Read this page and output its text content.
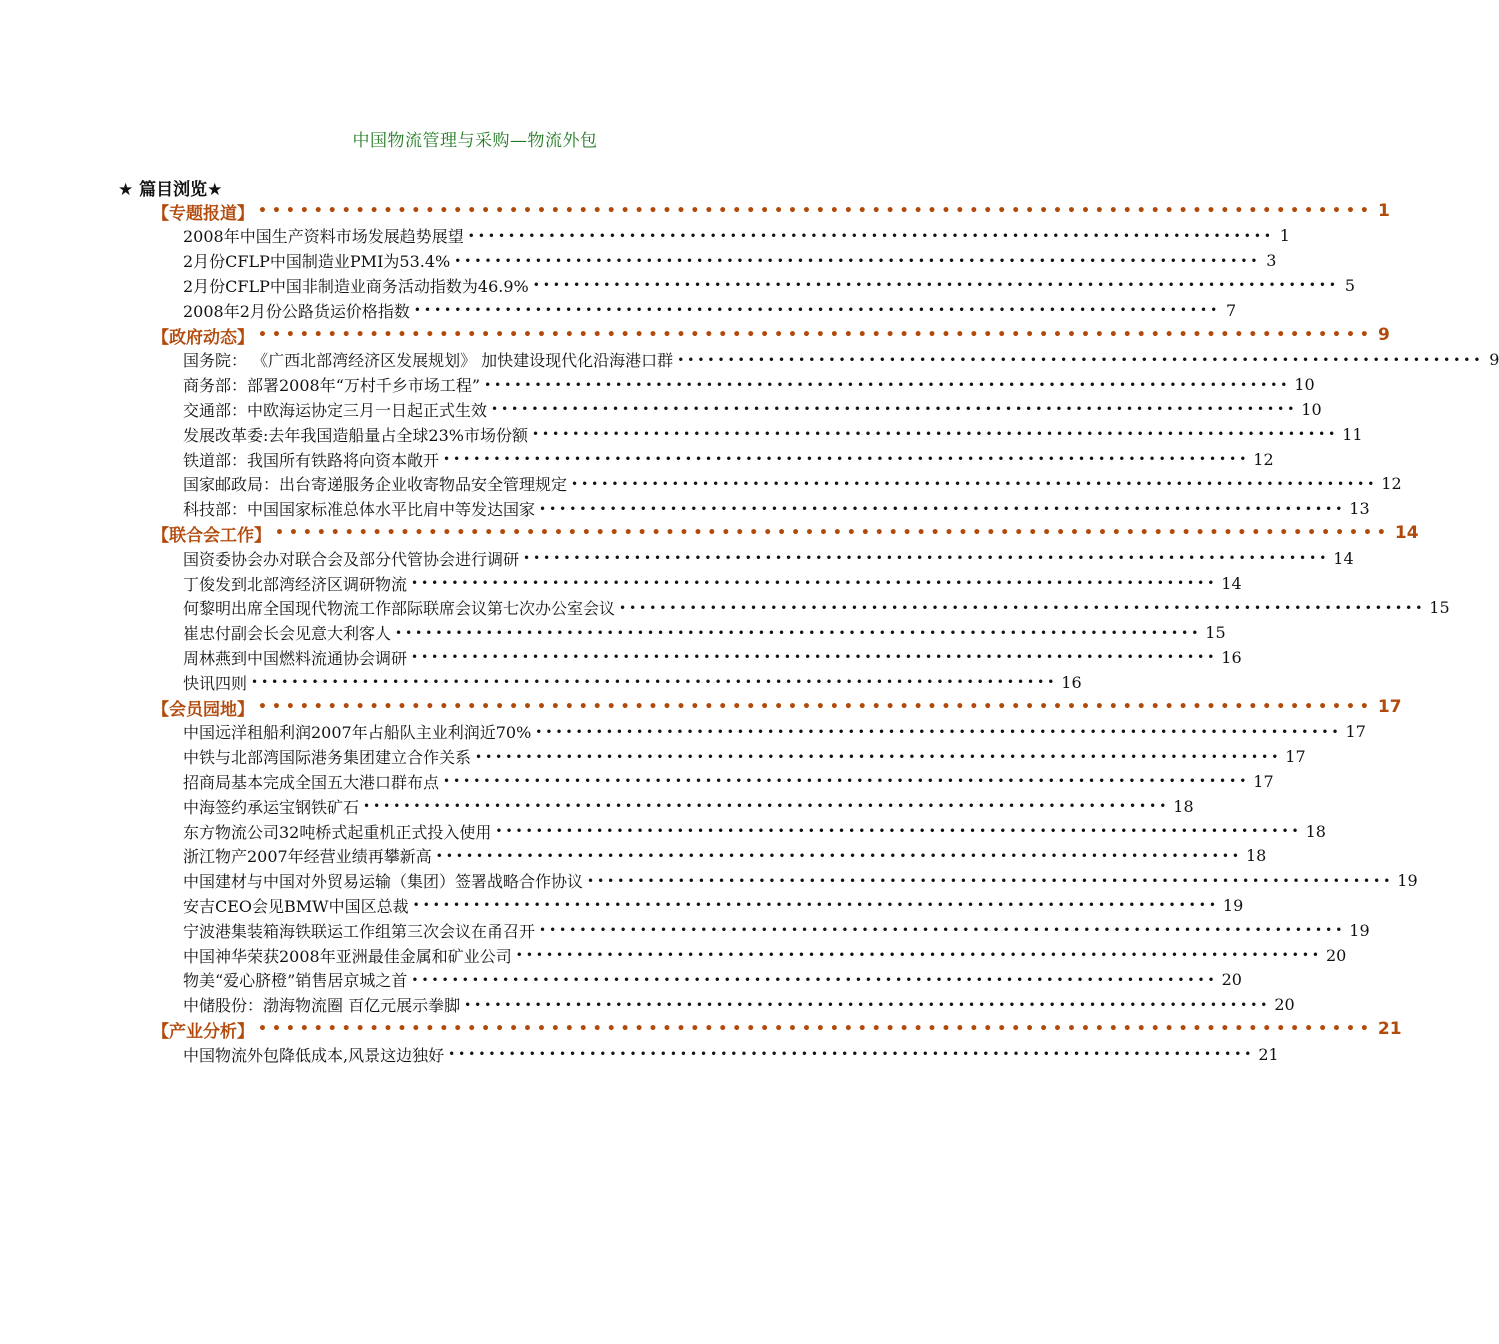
中国物流管理与采购—物流外包
★ 篇目浏览★
【专题报道】 •••••••••••••••••••••••••••••••••••••••••••••••••••••••••••••••••••••••••••••••• 1
2008年中国生产资料市场发展趋势展望 •••••••••••••••••••••••••••••••••••••••••••••••••••••••••••••••••••••••••••••••• 1
2月份CFLP中国制造业PMI为53.4% •••••••••••••••••••••••••••••••••••••••••••••••••••••••••••••••••••••••••••••••• 3
2月份CFLP中国非制造业商务活动指数为46.9% •••••••••••••••••••••••••••••••••••••••••••••••••••••••••••••••••••••••••••••••• 5
2008年2月份公路货运价格指数 •••••••••••••••••••••••••••••••••••••••••••••••••••••••••••••••••••••••••••••••• 7
【政府动态】 •••••••••••••••••••••••••••••••••••••••••••••••••••••••••••••••••••••••••••••••• 9
国务院： 《广西北部湾经济区发展规划》 加快建设现代化沿海港口群 •••••••••••••••••••••••••••••••••••••••••••••••••••••••••••••••••••••••••••••••• 9
商务部：部署2008年“万村千乡市场工程” •••••••••••••••••••••••••••••••••••••••••••••••••••••••••••••••••••••••••••••••• 10
交通部：中欧海运协定三月一日起正式生效 •••••••••••••••••••••••••••••••••••••••••••••••••••••••••••••••••••••••••••••••• 10
发展改革委:去年我国造船量占全球23%市场份额 •••••••••••••••••••••••••••••••••••••••••••••••••••••••••••••••••••••••••••••••• 11
铁道部：我国所有铁路将向资本敞开 •••••••••••••••••••••••••••••••••••••••••••••••••••••••••••••••••••••••••••••••• 12
国家邮政局：出台寄递服务企业收寄物品安全管理规定 •••••••••••••••••••••••••••••••••••••••••••••••••••••••••••••••••••••••••••••••• 12
科技部：中国国家标准总体水平比肩中等发达国家 •••••••••••••••••••••••••••••••••••••••••••••••••••••••••••••••••••••••••••••••• 13
【联合会工作】 •••••••••••••••••••••••••••••••••••••••••••••••••••••••••••••••••••••••••••••••• 14
国资委协会办对联合会及部分代管协会进行调研 •••••••••••••••••••••••••••••••••••••••••••••••••••••••••••••••••••••••••••••••• 14
丁俊发到北部湾经济区调研物流 •••••••••••••••••••••••••••••••••••••••••••••••••••••••••••••••••••••••••••••••• 14
何黎明出席全国现代物流工作部际联席会议第七次办公室会议 •••••••••••••••••••••••••••••••••••••••••••••••••••••••••••••••••••••••••••••••• 15
崔忠付副会长会见意大利客人 •••••••••••••••••••••••••••••••••••••••••••••••••••••••••••••••••••••••••••••••• 15
周林燕到中国燃料流通协会调研 •••••••••••••••••••••••••••••••••••••••••••••••••••••••••••••••••••••••••••••••• 16
快讯四则 •••••••••••••••••••••••••••••••••••••••••••••••••••••••••••••••••••••••••••••••• 16
【会员园地】 •••••••••••••••••••••••••••••••••••••••••••••••••••••••••••••••••••••••••••••••• 17
中国远洋租船利润2007年占船队主业利润近70% •••••••••••••••••••••••••••••••••••••••••••••••••••••••••••••••••••••••••••••••• 17
中铁与北部湾国际港务集团建立合作关系 •••••••••••••••••••••••••••••••••••••••••••••••••••••••••••••••••••••••••••••••• 17
招商局基本完成全国五大港口群布点 •••••••••••••••••••••••••••••••••••••••••••••••••••••••••••••••••••••••••••••••• 17
中海签约承运宝钢铁矿石 •••••••••••••••••••••••••••••••••••••••••••••••••••••••••••••••••••••••••••••••• 18
东方物流公司32吨桥式起重机正式投入使用 •••••••••••••••••••••••••••••••••••••••••••••••••••••••••••••••••••••••••••••••• 18
浙江物产2007年经营业绩再攀新高 •••••••••••••••••••••••••••••••••••••••••••••••••••••••••••••••••••••••••••••••• 18
中国建材与中国对外贸易运输（集团）签署战略合作协议 •••••••••••••••••••••••••••••••••••••••••••••••••••••••••••••••••••••••••••••••• 19
安吉CEO会见BMW中国区总裁 •••••••••••••••••••••••••••••••••••••••••••••••••••••••••••••••••••••••••••••••• 19
宁波港集装箱海铁联运工作组第三次会议在甬召开 •••••••••••••••••••••••••••••••••••••••••••••••••••••••••••••••••••••••••••••••• 19
中国神华荣获2008年亚洲最佳金属和矿业公司 •••••••••••••••••••••••••••••••••••••••••••••••••••••••••••••••••••••••••••••••• 20
物美“爱心脐橙”销售居京城之首 •••••••••••••••••••••••••••••••••••••••••••••••••••••••••••••••••••••••••••••••• 20
中储股份：渤海物流圈 百亿元展示拳脚 •••••••••••••••••••••••••••••••••••••••••••••••••••••••••••••••••••••••••••••••• 20
【产业分析】 •••••••••••••••••••••••••••••••••••••••••••••••••••••••••••••••••••••••••••••••• 21
中国物流外包降低成本,风景这边独好 •••••••••••••••••••••••••••••••••••••••••••••••••••••••••••••••••••••••••••••••• 21
